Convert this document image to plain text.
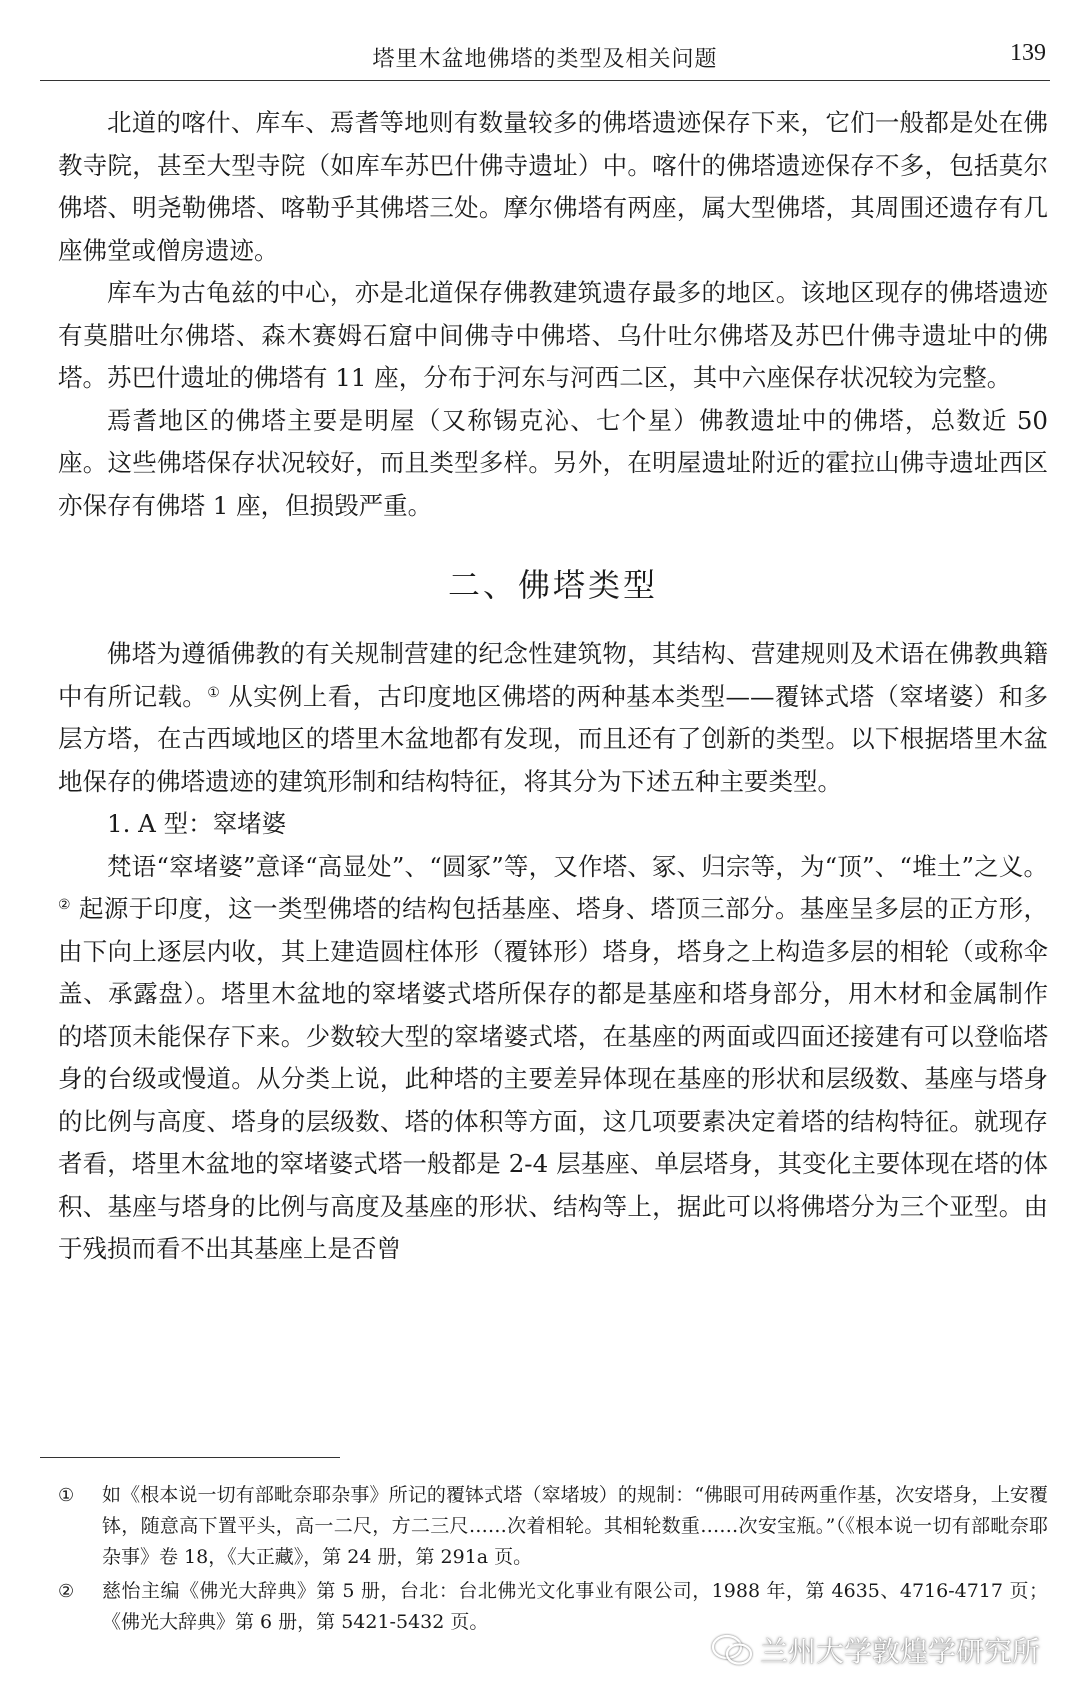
塔里木盆地佛塔的类型及相关问题	139

北道的喀什、库车、焉耆等地则有数量较多的佛塔遗迹保存下来，它们一般都是处在佛教寺院，甚至大型寺院（如库车苏巴什佛寺遗址）中。喀什的佛塔遗迹保存不多，包括莫尔佛塔、明尧勒佛塔、喀勒乎其佛塔三处。摩尔佛塔有两座，属大型佛塔，其周围还遗存有几座佛堂或僧房遗迹。

库车为古龟兹的中心，亦是北道保存佛教建筑遗存最多的地区。该地区现存的佛塔遗迹有莫腊吐尔佛塔、森木赛姆石窟中间佛寺中佛塔、乌什吐尔佛塔及苏巴什佛寺遗址中的佛塔。苏巴什遗址的佛塔有 11 座，分布于河东与河西二区，其中六座保存状况较为完整。

焉耆地区的佛塔主要是明屋（又称锡克沁、七个星）佛教遗址中的佛塔，总数近 50 座。这些佛塔保存状况较好，而且类型多样。另外，在明屋遗址附近的霍拉山佛寺遗址西区亦保存有佛塔 1 座，但损毁严重。

二、佛塔类型

佛塔为遵循佛教的有关规制营建的纪念性建筑物，其结构、营建规则及术语在佛教典籍中有所记载。① 从实例上看，古印度地区佛塔的两种基本类型——覆钵式塔（窣堵婆）和多层方塔，在古西域地区的塔里木盆地都有发现，而且还有了创新的类型。以下根据塔里木盆地保存的佛塔遗迹的建筑形制和结构特征，将其分为下述五种主要类型。

1. A 型：窣堵婆

梵语“窣堵婆”意译“高显处”、“圆冢”等，又作塔、冢、归宗等，为“顶”、“堆土”之义。② 起源于印度，这一类型佛塔的结构包括基座、塔身、塔顶三部分。基座呈多层的正方形，由下向上逐层内收，其上建造圆柱体形（覆钵形）塔身，塔身之上构造多层的相轮（或称伞盖、承露盘）。塔里木盆地的窣堵婆式塔所保存的都是基座和塔身部分，用木材和金属制作的塔顶未能保存下来。少数较大型的窣堵婆式塔，在基座的两面或四面还接建有可以登临塔身的台级或慢道。从分类上说，此种塔的主要差异体现在基座的形状和层级数、基座与塔身的比例与高度、塔身的层级数、塔的体积等方面，这几项要素决定着塔的结构特征。就现存者看，塔里木盆地的窣堵婆式塔一般都是 2-4 层基座、单层塔身，其变化主要体现在塔的体积、基座与塔身的比例与高度及基座的形状、结构等上，据此可以将佛塔分为三个亚型。由于残损而看不出其基座上是否曾

①	如《根本说一切有部毗奈耶杂事》所记的覆钵式塔（窣堵坡）的规制：“佛眼可用砖两重作基，次安塔身，上安覆钵，随意高下置平头，高一二尺，方二三尺……次着相轮。其相轮数重……次安宝瓶。”（《根本说一切有部毗奈耶杂事》卷 18，《大正藏》，第 24 册，第 291a 页。
②	慈怡主编《佛光大辞典》第 5 册，台北：台北佛光文化事业有限公司，1988 年，第 4635、4716-4717 页；《佛光大辞典》第 6 册，第 5421-5432 页。
兰州大学敦煌学研究所
